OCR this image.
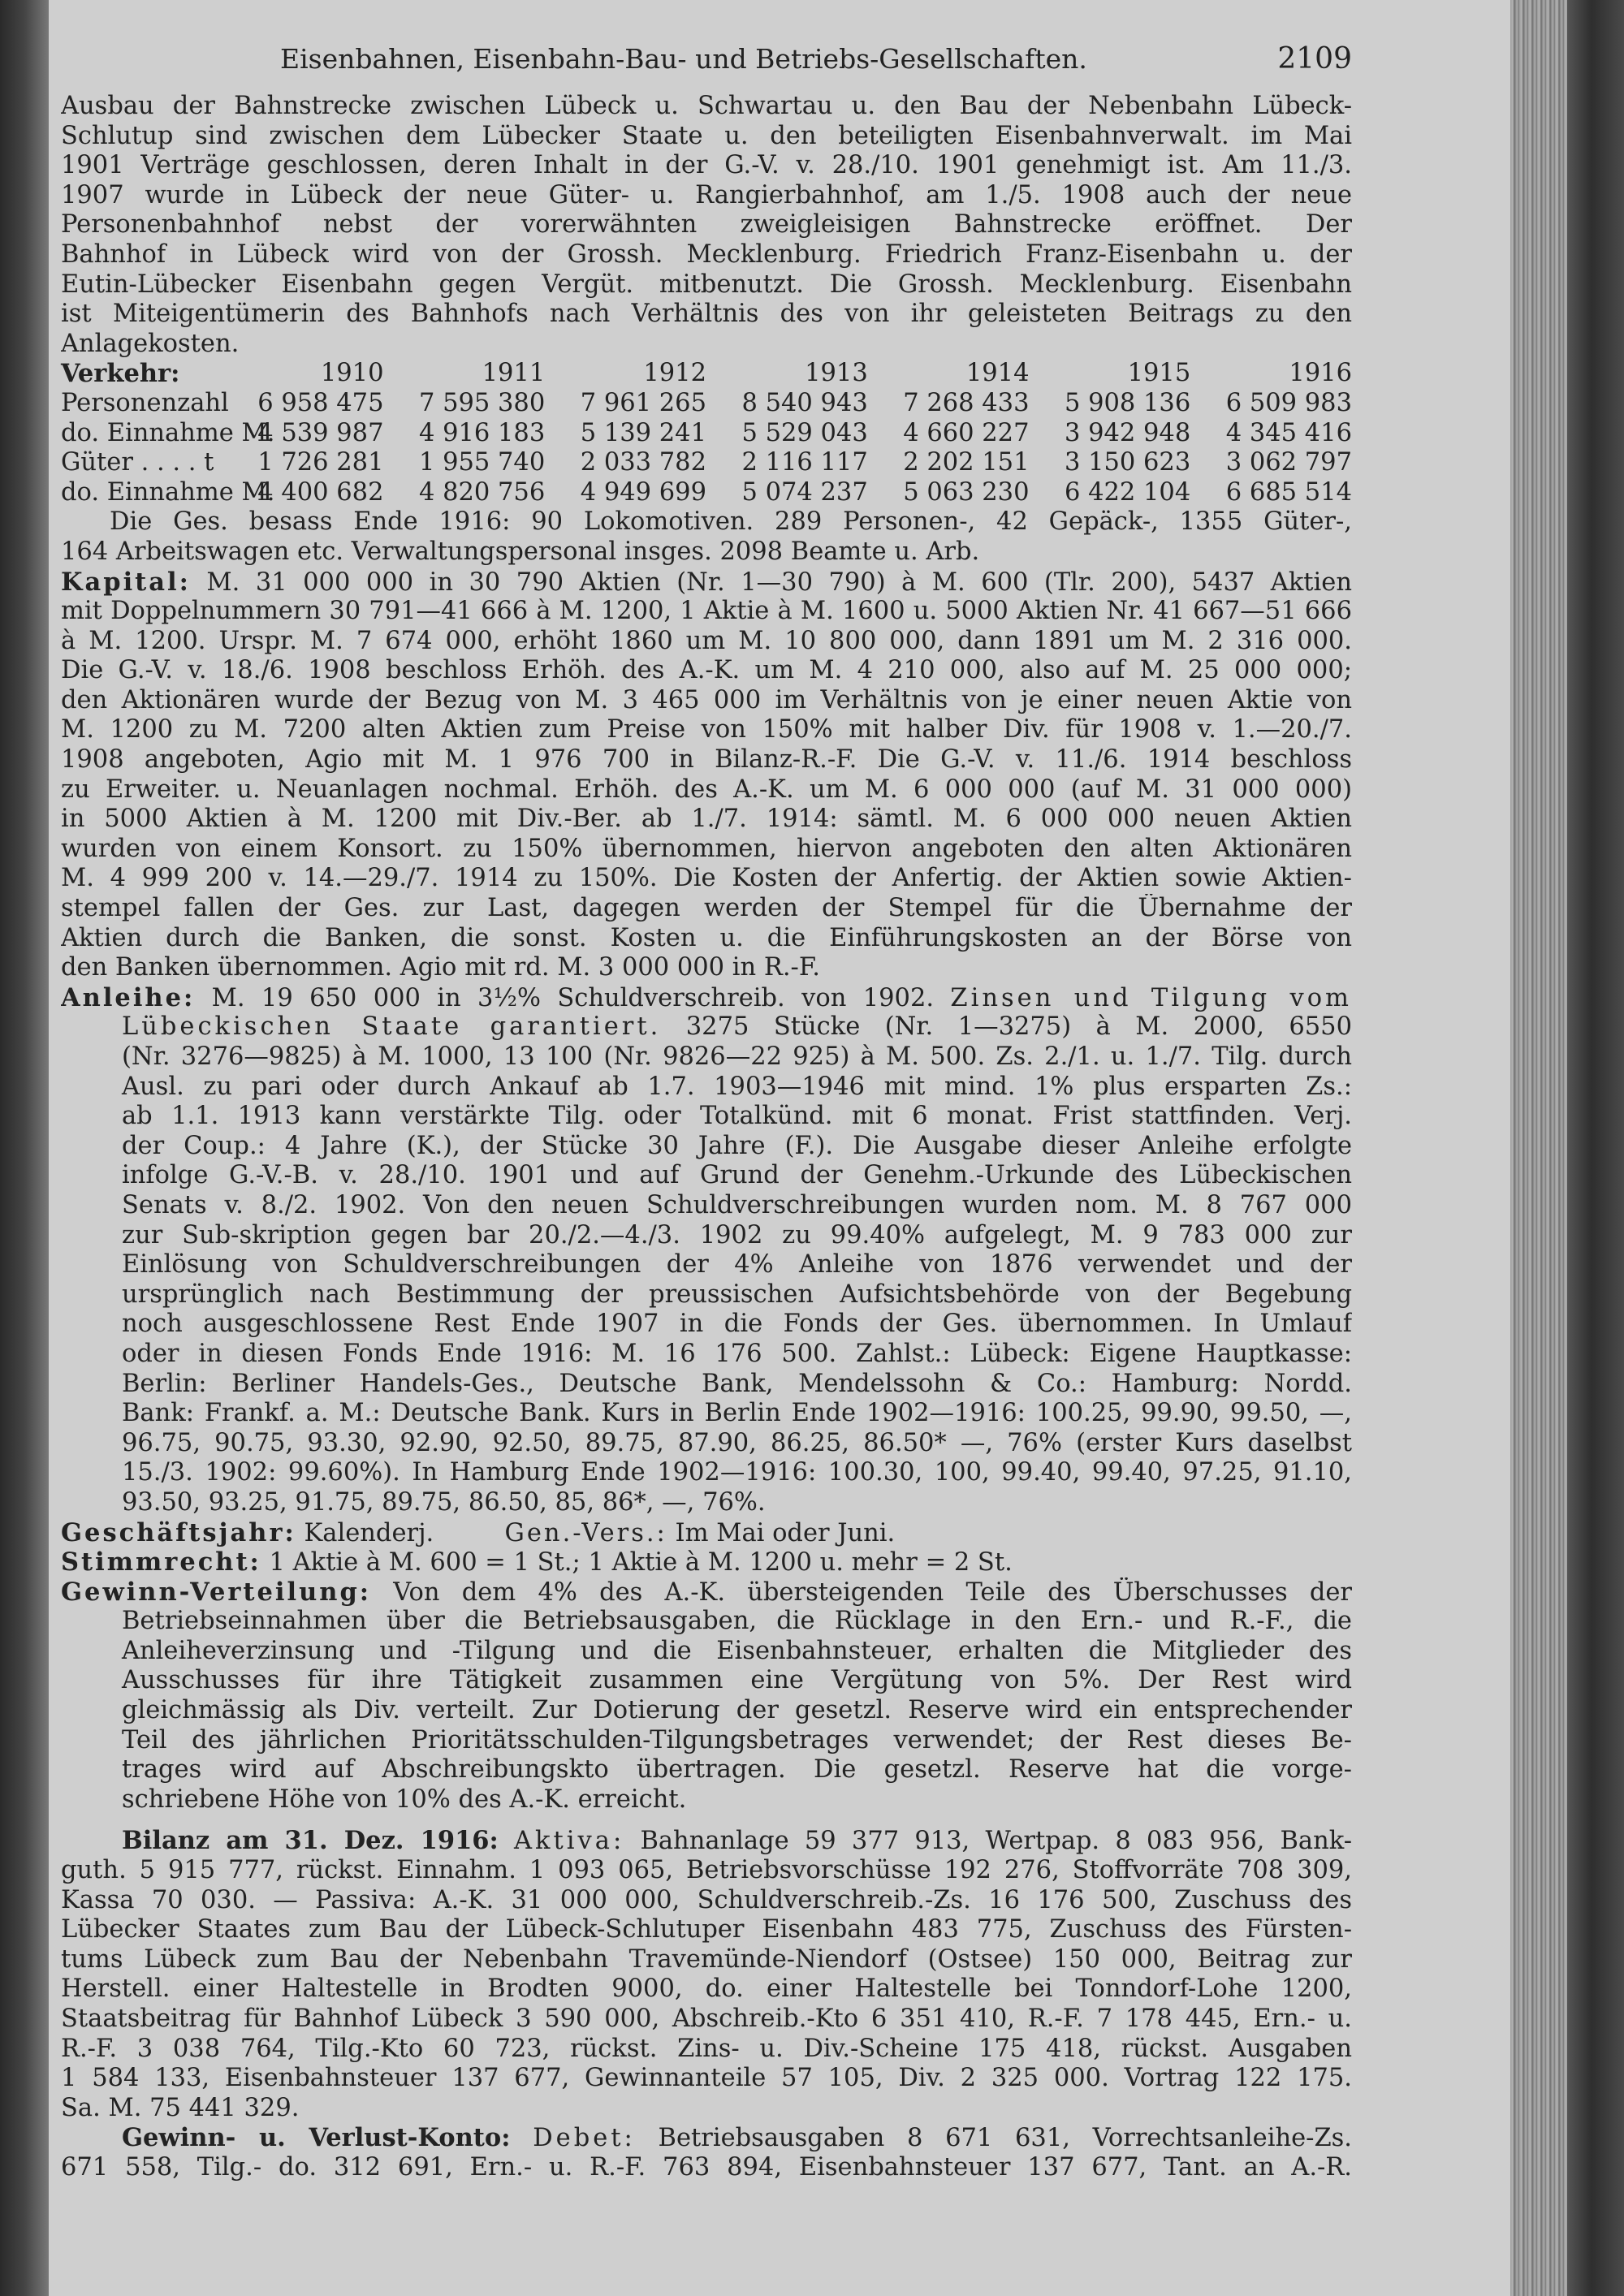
Eisenbahnen, Eisenbahn-Bau- und Betriebs-Gesellschaften.	2109
Ausbau der Bahnstrecke zwischen Lübeck u. Schwartau u. den Bau der Nebenbahn Lübeck-
Schlutup sind zwischen dem Lübecker Staate u. den beteiligten Eisenbahnverwalt. im Mai
1901 Verträge geschlossen, deren Inhalt in der G.-V. v. 28./10. 1901 genehmigt ist. Am 11./3.
1907 wurde in Lübeck der neue Güter- u. Rangierbahnhof, am 1./5. 1908 auch der neue
Personenbahnhof nebst der vorerwähnten zweigleisigen Bahnstrecke eröffnet. Der
Bahnhof in Lübeck wird von der Grossh. Mecklenburg. Friedrich Franz-Eisenbahn u. der
Eutin-Lübecker Eisenbahn gegen Vergüt. mitbenutzt. Die Grossh. Mecklenburg. Eisenbahn
ist Miteigentümerin des Bahnhofs nach Verhältnis des von ihr geleisteten Beitrags zu den
Anlagekosten.
Verkehr:	1910	1911	1912	1913	1914	1915	1916
Personenzahl	6 958 475	7 595 380	7 961 265	8 540 943	7 268 433	5 908 136	6 509 983
do. Einnahme M.	4 539 987	4 916 183	5 139 241	5 529 043	4 660 227	3 942 948	4 345 416
Güter . . . . t	1 726 281	1 955 740	2 033 782	2 116 117	2 202 151	3 150 623	3 062 797
do. Einnahme M.	4 400 682	4 820 756	4 949 699	5 074 237	5 063 230	6 422 104	6 685 514
Die Ges. besass Ende 1916: 90 Lokomotiven. 289 Personen-, 42 Gepäck-, 1355 Güter-,
164 Arbeitswagen etc. Verwaltungspersonal insges. 2098 Beamte u. Arb.
Kapital: M. 31 000 000 in 30 790 Aktien (Nr. 1—30 790) à M. 600 (Tlr. 200), 5437 Aktien
mit Doppelnummern 30 791—41 666 à M. 1200, 1 Aktie à M. 1600 u. 5000 Aktien Nr. 41 667—51 666
à M. 1200. Urspr. M. 7 674 000, erhöht 1860 um M. 10 800 000, dann 1891 um M. 2 316 000.
Die G.-V. v. 18./6. 1908 beschloss Erhöh. des A.-K. um M. 4 210 000, also auf M. 25 000 000;
den Aktionären wurde der Bezug von M. 3 465 000 im Verhältnis von je einer neuen Aktie von
M. 1200 zu M. 7200 alten Aktien zum Preise von 150% mit halber Div. für 1908 v. 1.—20./7.
1908 angeboten, Agio mit M. 1 976 700 in Bilanz-R.-F. Die G.-V. v. 11./6. 1914 beschloss
zu Erweiter. u. Neuanlagen nochmal. Erhöh. des A.-K. um M. 6 000 000 (auf M. 31 000 000)
in 5000 Aktien à M. 1200 mit Div.-Ber. ab 1./7. 1914: sämtl. M. 6 000 000 neuen Aktien
wurden von einem Konsort. zu 150% übernommen, hiervon angeboten den alten Aktionären
M. 4 999 200 v. 14.—29./7. 1914 zu 150%. Die Kosten der Anfertig. der Aktien sowie Aktien-
stempel fallen der Ges. zur Last, dagegen werden der Stempel für die Übernahme der
Aktien durch die Banken, die sonst. Kosten u. die Einführungskosten an der Börse von
den Banken übernommen. Agio mit rd. M. 3 000 000 in R.-F.
Anleihe: M. 19 650 000 in 3½% Schuldverschreib. von 1902. Zinsen und Tilgung vom
Lübeckischen Staate garantiert. 3275 Stücke (Nr. 1—3275) à M. 2000, 6550
(Nr. 3276—9825) à M. 1000, 13 100 (Nr. 9826—22 925) à M. 500. Zs. 2./1. u. 1./7. Tilg. durch
Ausl. zu pari oder durch Ankauf ab 1.7. 1903—1946 mit mind. 1% plus ersparten Zs.:
ab 1.1. 1913 kann verstärkte Tilg. oder Totalkünd. mit 6 monat. Frist stattfinden. Verj.
der Coup.: 4 Jahre (K.), der Stücke 30 Jahre (F.). Die Ausgabe dieser Anleihe erfolgte
infolge G.-V.-B. v. 28./10. 1901 und auf Grund der Genehm.-Urkunde des Lübeckischen
Senats v. 8./2. 1902. Von den neuen Schuldverschreibungen wurden nom. M. 8 767 000
zur Sub-skription gegen bar 20./2.—4./3. 1902 zu 99.40% aufgelegt, M. 9 783 000 zur
Einlösung von Schuldverschreibungen der 4% Anleihe von 1876 verwendet und der
ursprünglich nach Bestimmung der preussischen Aufsichtsbehörde von der Begebung
noch ausgeschlossene Rest Ende 1907 in die Fonds der Ges. übernommen. In Umlauf
oder in diesen Fonds Ende 1916: M. 16 176 500. Zahlst.: Lübeck: Eigene Hauptkasse:
Berlin: Berliner Handels-Ges., Deutsche Bank, Mendelssohn & Co.: Hamburg: Nordd.
Bank: Frankf. a. M.: Deutsche Bank. Kurs in Berlin Ende 1902—1916: 100.25, 99.90, 99.50, —,
96.75, 90.75, 93.30, 92.90, 92.50, 89.75, 87.90, 86.25, 86.50* —, 76% (erster Kurs daselbst
15./3. 1902: 99.60%). In Hamburg Ende 1902—1916: 100.30, 100, 99.40, 99.40, 97.25, 91.10,
93.50, 93.25, 91.75, 89.75, 86.50, 85, 86*, —, 76%.
Geschäftsjahr: Kalenderj.	Gen.-Vers.: Im Mai oder Juni.
Stimmrecht: 1 Aktie à M. 600 = 1 St.; 1 Aktie à M. 1200 u. mehr = 2 St.
Gewinn-Verteilung: Von dem 4% des A.-K. übersteigenden Teile des Überschusses der
Betriebseinnahmen über die Betriebsausgaben, die Rücklage in den Ern.- und R.-F., die
Anleiheverzinsung und -Tilgung und die Eisenbahnsteuer, erhalten die Mitglieder des
Ausschusses für ihre Tätigkeit zusammen eine Vergütung von 5%. Der Rest wird
gleichmässig als Div. verteilt. Zur Dotierung der gesetzl. Reserve wird ein entsprechender
Teil des jährlichen Prioritätsschulden-Tilgungsbetrages verwendet; der Rest dieses Be-
trages wird auf Abschreibungskto übertragen. Die gesetzl. Reserve hat die vorge-
schriebene Höhe von 10% des A.-K. erreicht.
Bilanz am 31. Dez. 1916: Aktiva: Bahnanlage 59 377 913, Wertpap. 8 083 956, Bank-
guth. 5 915 777, rückst. Einnahm. 1 093 065, Betriebsvorschüsse 192 276, Stoffvorräte 708 309,
Kassa 70 030. — Passiva: A.-K. 31 000 000, Schuldverschreib.-Zs. 16 176 500, Zuschuss des
Lübecker Staates zum Bau der Lübeck-Schlutuper Eisenbahn 483 775, Zuschuss des Fürsten-
tums Lübeck zum Bau der Nebenbahn Travemünde-Niendorf (Ostsee) 150 000, Beitrag zur
Herstell. einer Haltestelle in Brodten 9000, do. einer Haltestelle bei Tonndorf-Lohe 1200,
Staatsbeitrag für Bahnhof Lübeck 3 590 000, Abschreib.-Kto 6 351 410, R.-F. 7 178 445, Ern.- u.
R.-F. 3 038 764, Tilg.-Kto 60 723, rückst. Zins- u. Div.-Scheine 175 418, rückst. Ausgaben
1 584 133, Eisenbahnsteuer 137 677, Gewinnanteile 57 105, Div. 2 325 000. Vortrag 122 175.
Sa. M. 75 441 329.
Gewinn- u. Verlust-Konto: Debet: Betriebsausgaben 8 671 631, Vorrechtsanleihe-Zs.
671 558, Tilg.- do. 312 691, Ern.- u. R.-F. 763 894, Eisenbahnsteuer 137 677, Tant. an A.-R.
